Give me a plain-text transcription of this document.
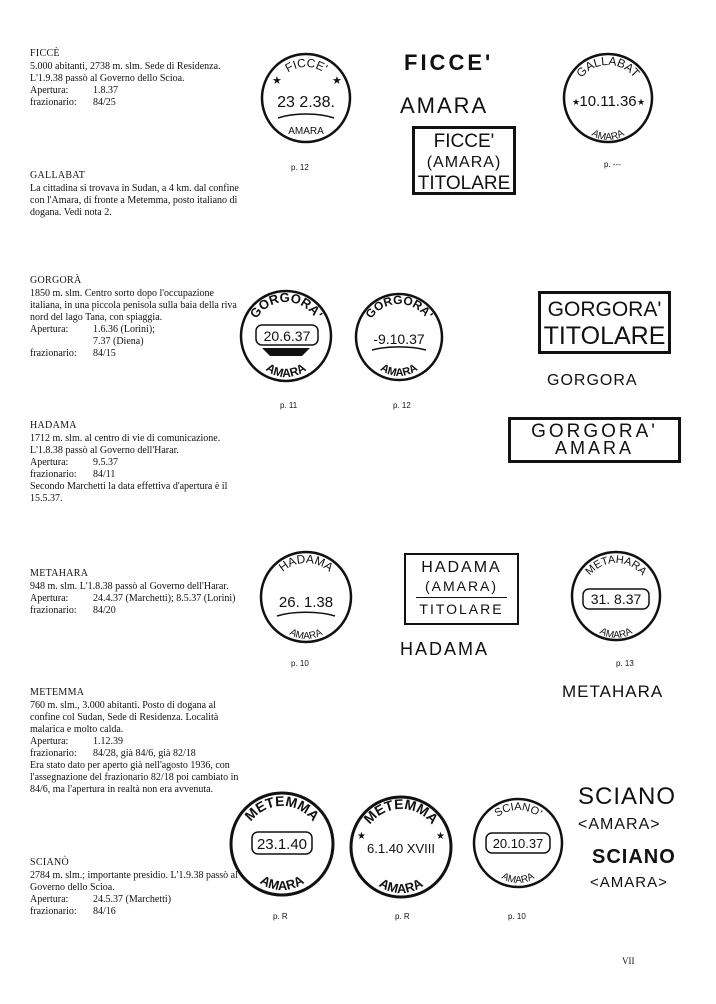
FICCÈ
5.000 abitanti, 2738 m. slm. Sede di Residenza. L'1.9.38 passò al Governo dello Scioa.
Apertura:	1.8.37
frazionario:	84/25
GALLABAT
La cittadina si trovava in Sudan, a 4 km. dal confine con l'Amara, di fronte a Metemma, posto italiano di dogana. Vedi nota 2.
GORGORÀ
1850 m. slm. Centro sorto dopo l'occupazione italiana, in una piccola penisola sulla baia della riva nord del lago Tana, con spiaggia.
Apertura:	1.6.36 (Lorini);
7.37 (Diena)
frazionario:	84/15
HADAMA
1712 m. slm. al centro di vie di comunicazione. L'1.8.38 passò al Governo dell'Harar.
Apertura:	9.5.37
frazionario:	84/11
Secondo Marchetti la data effettiva d'apertura è il 15.5.37.
METAHARA
948 m. slm. L'1.8.38 passò al Governo dell'Harar.
Apertura:	24.4.37 (Marchetti); 8.5.37 (Lorini)
frazionario:	84/20
METEMMA
760 m. slm., 3.000 abitanti. Posto di dogana al confine col Sudan, Sede di Residenza. Località malarica e molto calda.
Apertura:	1.12.39
frazionario:	84/28, già 84/6, già 82/18
Era stato dato per aperto già nell'agosto 1936, con l'assegnazione del frazionario 82/18 poi cambiato in 84/6, ma l'apertura in realtà non era avvenuta.
SCIANÒ
2784 m. slm.; importante presidio. L'1.9.38 passò al Governo dello Scioa.
Apertura:	24.5.37 (Marchetti)
frazionario:	84/16
FICCE'
★	★
23 2.38.
AMARA
p. 12
FICCE'
AMARA
FICCE'
(AMARA)
TITOLARE
GALLABAT
★	★
10.11.36
AMARA
p. ---
GORGORA'
20.6.37
AMARA
p. 11
GORGORA'
-9.10.37
AMARA
p. 12
GORGORA'
TITOLARE
GORGORA
GORGORA'
AMARA
HADAMA
26. 1.38
AMARA
p. 10
HADAMA
(AMARA)
TITOLARE
HADAMA
METAHARA
31. 8.37
AMARA
p. 13
METAHARA
METEMMA
23.1.40
AMARA
p. R
METEMMA
★	★
6.1.40 XVIII
AMARA
p. R
SCIANO'
20.10.37
AMARA
p. 10
SCIANO
<AMARA>
SCIANO
<AMARA>
VII
